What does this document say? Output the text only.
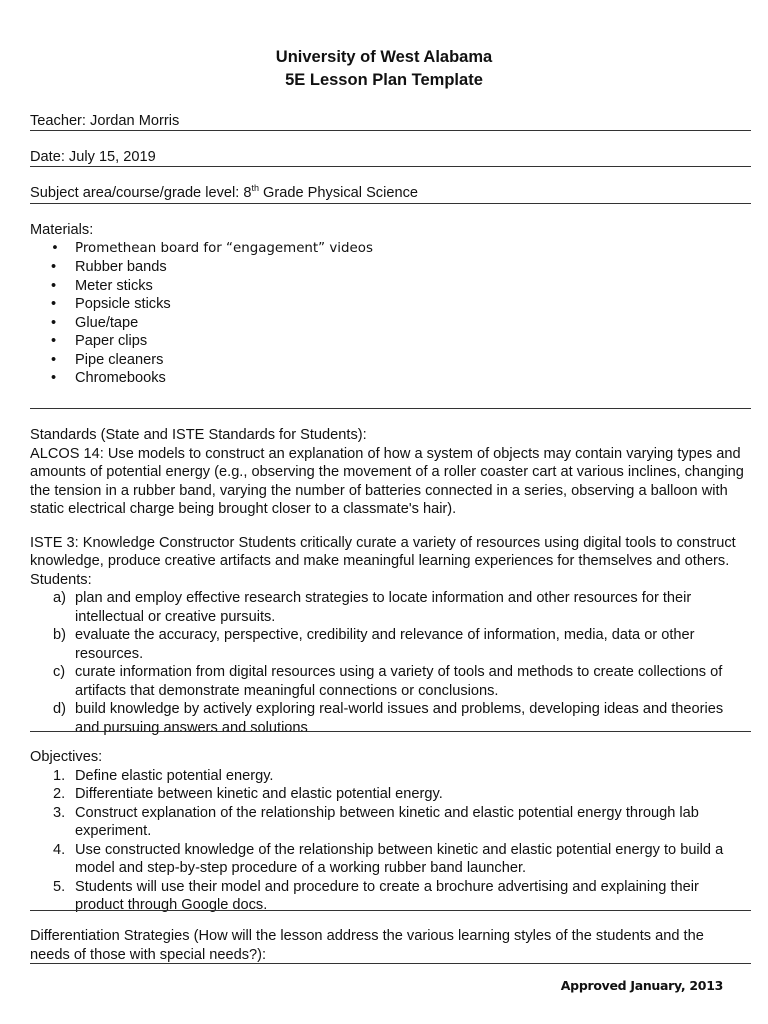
University of West Alabama
5E Lesson Plan Template
Teacher: Jordan Morris
Date: July 15, 2019
Subject area/course/grade level: 8th Grade Physical Science

Materials:

• Promethean board for “engagement” videos
• Rubber bands
• Meter sticks
• Popsicle sticks
• Glue/tape
• Paper clips
• Pipe cleaners
• Chromebooks

Standards (State and ISTE Standards for Students):

ALCOS 14: Use models to construct an explanation of how a system of objects may contain varying types and amounts of potential energy (e.g., observing the movement of a roller coaster cart at various inclines, changing the tension in a rubber band, varying the number of batteries connected in a series, observing a balloon with static electrical charge being brought closer to a classmate's hair).

ISTE 3: Knowledge Constructor Students critically curate a variety of resources using digital tools to construct knowledge, produce creative artifacts and make meaningful learning experiences for themselves and others. Students:

a) plan and employ effective research strategies to locate information and other resources for their intellectual or creative pursuits.
b) evaluate the accuracy, perspective, credibility and relevance of information, media, data or other resources.
c) curate information from digital resources using a variety of tools and methods to create collections of artifacts that demonstrate meaningful connections or conclusions.
d) build knowledge by actively exploring real-world issues and problems, developing ideas and theories and pursuing answers and solutions

Objectives:

1. Define elastic potential energy.
2. Differentiate between kinetic and elastic potential energy.
3. Construct explanation of the relationship between kinetic and elastic potential energy through lab experiment.
4. Use constructed knowledge of the relationship between kinetic and elastic potential energy to build a model and step-by-step procedure of a working rubber band launcher.
5. Students will use their model and procedure to create a brochure advertising and explaining their product through Google docs.
Differentiation Strategies (How will the lesson address the various learning styles of the students and the needs of those with special needs?):
Approved January, 2013
